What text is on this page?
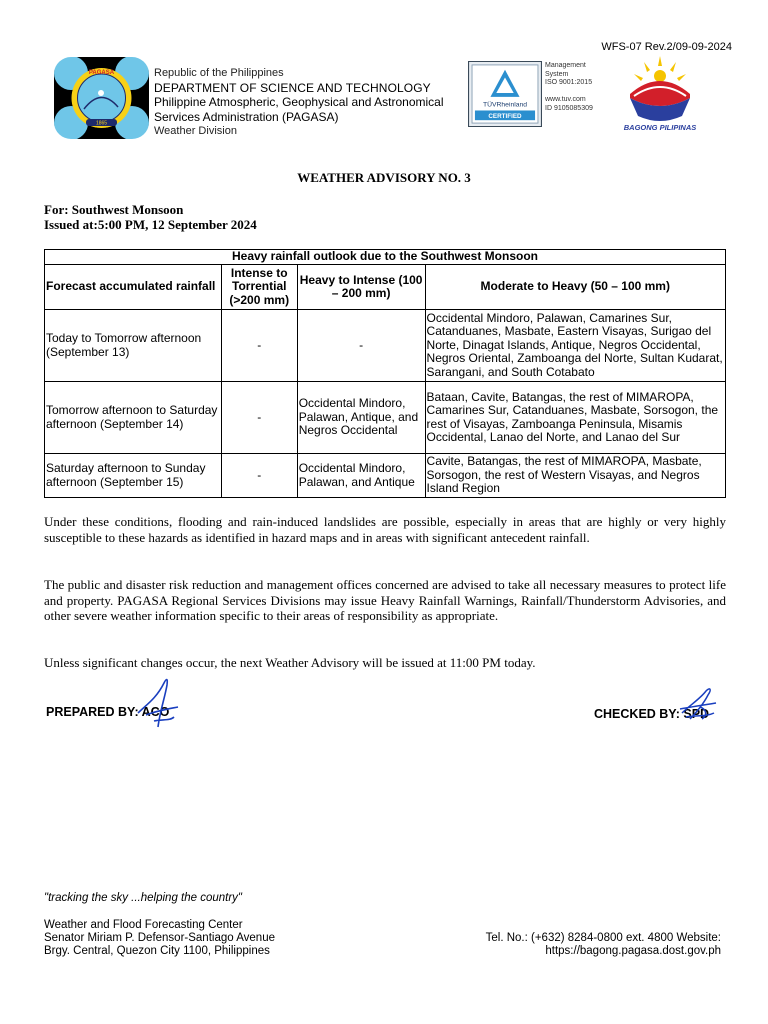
WFS-07 Rev.2/09-09-2024
1865
PAGASA	Republic of the Philippines
DEPARTMENT OF SCIENCE AND TECHNOLOGY
Philippine Atmospheric, Geophysical and Astronomical
Services Administration (PAGASA)
Weather Division
TÜVRheinland
CERTIFIED
Management
System
ISO 9001:2015
www.tuv.com
ID 9105085309
BAGONG PILIPINAS
WEATHER ADVISORY NO. 3
For: Southwest Monsoon
Issued at:5:00 PM, 12 September 2024
Heavy rainfall outlook due to the Southwest Monsoon			
Forecast accumulated rainfall	Intense to Torrential (>200 mm)	Heavy to Intense (100 – 200 mm)	Moderate to Heavy (50 – 100 mm)
Today to Tomorrow afternoon (September 13)	-	-	Occidental Mindoro, Palawan, Camarines Sur, Catanduanes, Masbate, Eastern Visayas, Surigao del Norte, Dinagat Islands, Antique, Negros Occidental, Negros Oriental, Zamboanga del Norte, Sultan Kudarat, Sarangani, and South Cotabato
Tomorrow afternoon to Saturday afternoon (September 14)	-	Occidental Mindoro, Palawan, Antique, and Negros Occidental	Bataan, Cavite, Batangas, the rest of MIMAROPA, Camarines Sur, Catanduanes, Masbate, Sorsogon, the rest of Visayas, Zamboanga Peninsula, Misamis Occidental, Lanao del Norte, and Lanao del Sur
Saturday afternoon to Sunday afternoon (September 15)	-	Occidental Mindoro, Palawan, and Antique	Cavite, Batangas, the rest of MIMAROPA, Masbate, Sorsogon, the rest of Western Visayas, and Negros Island Region

Under these conditions, flooding and rain-induced landslides are possible, especially in areas that are highly or very highly susceptible to these hazards as identified in hazard maps and in areas with significant antecedent rainfall.

The public and disaster risk reduction and management offices concerned are advised to take all necessary measures to protect life and property. PAGASA Regional Services Divisions may issue Heavy Rainfall Warnings, Rainfall/Thunderstorm Advisories, and other severe weather information specific to their areas of responsibility as appropriate.

Unless significant changes occur, the next Weather Advisory will be issued at 11:00 PM today.

PREPARED BY: ACO	CHECKED BY: SPD
"tracking the sky ...helping the country"
Weather and Flood Forecasting Center
Senator Miriam P. Defensor-Santiago Avenue
Brgy. Central, Quezon City 1100, Philippines
Tel. No.: (+632) 8284-0800 ext. 4800 Website:
https://bagong.pagasa.dost.gov.ph
